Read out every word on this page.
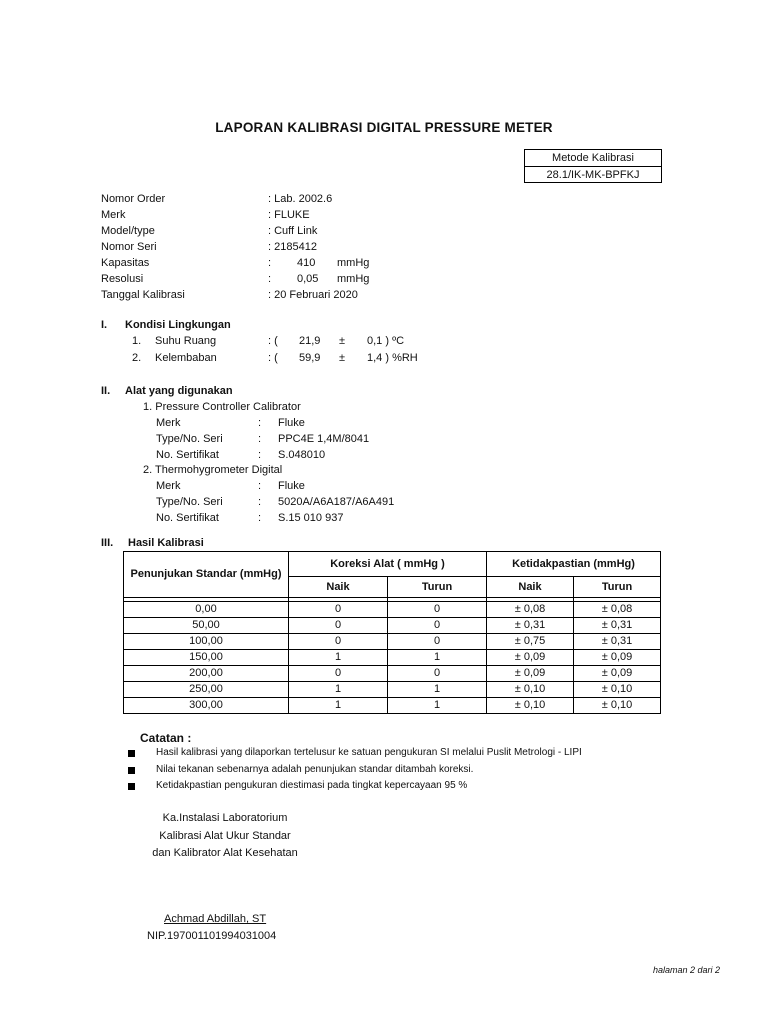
LAPORAN KALIBRASI DIGITAL PRESSURE METER
Metode Kalibrasi
28.1/IK-MK-BPFKJ
Nomor Order	: Lab. 2002.6
Merk	: FLUKE
Model/type	: Cuff Link
Nomor Seri	: 2185412
Kapasitas	: 410 mmHg
Resolusi	: 0,05 mmHg
Tanggal Kalibrasi	: 20 Februari 2020
I. Kondisi Lingkungan
1. Suhu Ruang	: ( 21,9 ± 0,1 ) ºC
2. Kelembaban	: ( 59,9 ± 1,4 ) %RH
II. Alat yang digunakan
1. Pressure Controller Calibrator
Merk	: Fluke
Type/No. Seri	: PPC4E 1,4M/8041
No. Sertifikat	: S.048010
2. Thermohygrometer Digital
Merk	: Fluke
Type/No. Seri	: 5020A/A6A187/A6A491
No. Sertifikat	: S.15 010 937
III. Hasil Kalibrasi
Penunjukan Standar (mmHg)	Koreksi Alat ( mmHg )		Ketidakpastian (mmHg)	
	Naik	Turun	Naik	Turun

0,00	0	0	± 0,08	± 0,08
50,00	0	0	± 0,31	± 0,31
100,00	0	0	± 0,75	± 0,31
150,00	1	1	± 0,09	± 0,09
200,00	0	0	± 0,09	± 0,09
250,00	1	1	± 0,10	± 0,10
300,00	1	1	± 0,10	± 0,10
Catatan :
Hasil kalibrasi yang dilaporkan tertelusur ke satuan pengukuran SI melalui Puslit Metrologi - LIPI
Nilai tekanan sebenarnya adalah penunjukan standar ditambah koreksi.
Ketidakpastian pengukuran diestimasi pada tingkat kepercayaan 95 %
Ka.Instalasi Laboratorium
Kalibrasi Alat Ukur Standar
dan Kalibrator Alat Kesehatan
Achmad Abdillah, ST
NIP.197001101994031004
halaman 2 dari 2
